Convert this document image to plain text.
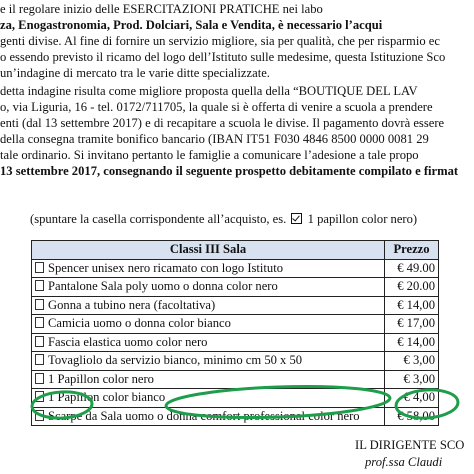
e il regolare inizio delle ESERCITAZIONI PRATICHE nei labo
za, Enogastronomia, Prod. Dolciari, Sala e Vendita, è necessario l’acqui
genti divise. Al fine di fornire un servizio migliore, sia per qualità, che per risparmio ec
o essendo previsto il ricamo del logo dell’Istituto sulle medesime, questa Istituzione Sco
un’indagine di mercato tra le varie ditte specializzate.
detta indagine risulta come migliore proposta quella della “BOUTIQUE DEL LAV
o, via Liguria, 16 - tel. 0172/711705, la quale si è offerta di venire a scuola a prendere
enti (dal 13 settembre 2017) e di recapitare a scuola le divise. Il pagamento dovrà essere
della consegna tramite bonifico bancario (IBAN IT51 F030 4846 8500 0000 0081 29
tale ordinario. Si invitano pertanto le famiglie a comunicare l’adesione a tale propo
13 settembre 2017, consegnando il seguente prospetto debitamente compilato e firmat
(spuntare la casella corrispondente all’acquisto, es. 1 papillon color nero)
Classi III Sala	Prezzo
Spencer unisex nero ricamato con logo Istituto	€ 49.00
Pantalone Sala poly uomo o donna color nero	€ 20.00
Gonna a tubino nera (facoltativa)	€ 14,00
Camicia uomo o donna color bianco	€ 17,00
Fascia elastica uomo color nero	€ 14,00
Tovagliolo da servizio bianco, minimo cm 50 x 50	€ 3,00
1 Papillon color nero	€ 3,00
1 Papillon color bianco	€ 4,00
Scarpe da Sala uomo o donna comfort professional color nero	€ 58,00
IL DIRIGENTE SCO
prof.ssa Claudi
